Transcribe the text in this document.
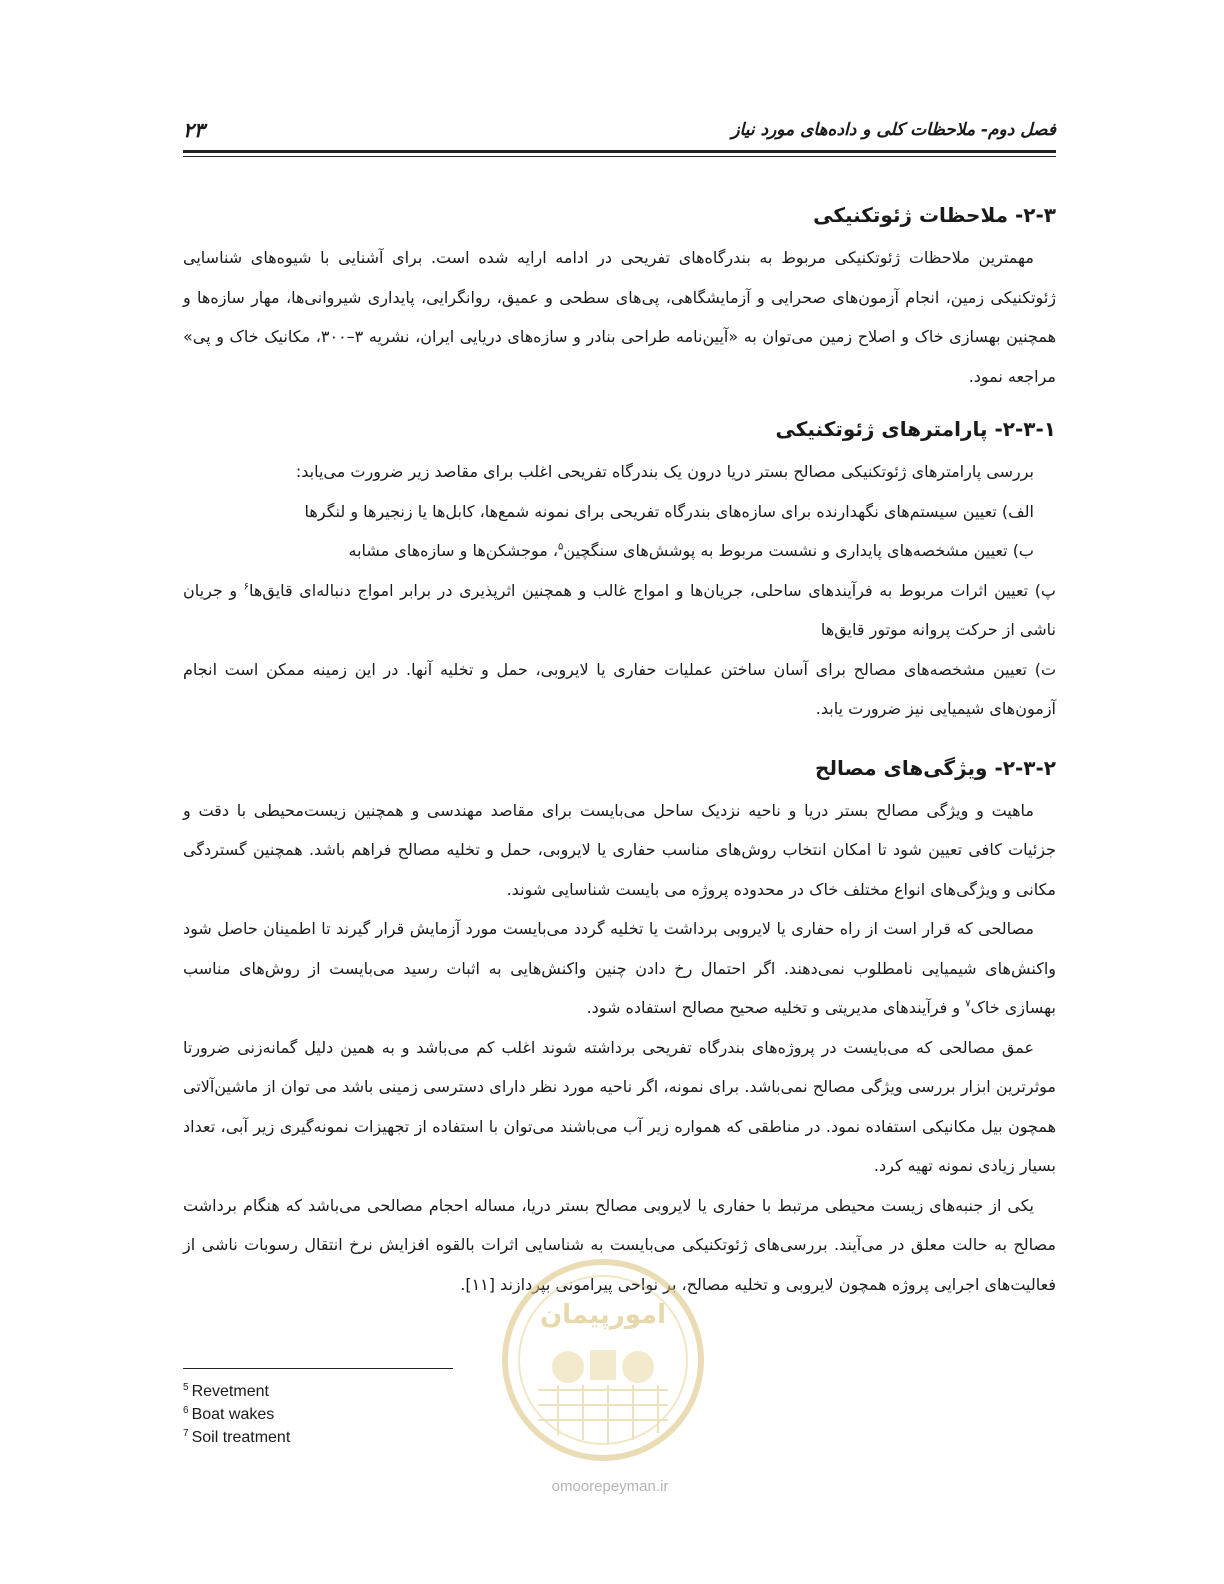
فصل دوم- ملاحظات کلی و داده‌های مورد نیاز
۲۳
۲-۳- ملاحظات ژئوتکنیکی

مهمترین ملاحظات ژئوتکنیکی مربوط به بندرگاه‌های تفریحی در ادامه ارایه شده است. برای آشنایی با شیوه‌های شناسایی ژئوتکنیکی زمین، انجام آزمون‌های صحرایی و آزمایشگاهی، پی‌های سطحی و عمیق، روانگرایی، پایداری شیروانی‌ها، مهار سازه‌ها و همچنین بهسازی خاک و اصلاح زمین می‌توان به «آیین‌نامه طراحی بنادر و سازه‌های دریایی ایران، نشریه ۳–۳۰۰، مکانیک خاک و پی» مراجعه نمود.

۲-۳-۱- پارامترهای ژئوتکنیکی

بررسی پارامترهای ژئوتکنیکی مصالح بستر دریا درون یک بندرگاه تفریحی اغلب برای مقاصد زیر ضرورت می‌یابد:

الف) تعیین سیستم‌های نگهدارنده برای سازه‌های بندرگاه تفریحی برای نمونه شمع‌ها، کابل‌ها یا زنجیرها و لنگرها

ب) تعیین مشخصه‌های پایداری و نشست مربوط به پوشش‌های سنگچین$^۵$، موجشکن‌ها و سازه‌های مشابه

پ) تعیین اثرات مربوط به فرآیندهای ساحلی، جریان‌ها و امواج غالب و همچنین اثرپذیری در برابر امواج دنباله‌ای قایق‌ها$^۶$ و جریان ناشی از حرکت پروانه موتور قایق‌ها

ت) تعیین مشخصه‌های مصالح برای آسان ساختن عملیات حفاری یا لایروبی، حمل و تخلیه آنها. در این زمینه ممکن است انجام آزمون‌های شیمیایی نیز ضرورت یابد.

۲-۳-۲- ویژگی‌های مصالح

ماهیت و ویژگی مصالح بستر دریا و ناحیه نزدیک ساحل می‌بایست برای مقاصد مهندسی و همچنین زیست‌محیطی با دقت و جزئیات کافی تعیین شود تا امکان انتخاب روش‌های مناسب حفاری یا لایروبی، حمل و تخلیه مصالح فراهم باشد. همچنین گستردگی مکانی و ویژگی‌های انواع مختلف خاک در محدوده پروژه می بایست شناسایی شوند.

مصالحی که قرار است از راه حفاری یا لایروبی برداشت یا تخلیه گردد می‌بایست مورد آزمایش قرار گیرند تا اطمینان حاصل شود واکنش‌های شیمیایی نامطلوب نمی‌دهند. اگر احتمال رخ دادن چنین واکنش‌هایی به اثبات رسید می‌بایست از روش‌های مناسب بهسازی خاک$^۷$ و فرآیندهای مدیریتی و تخلیه صحیح مصالح استفاده شود.

عمق مصالحی که می‌بایست در پروژه‌های بندرگاه تفریحی برداشته شوند اغلب کم می‌باشد و به همین دلیل گمانه‌زنی ضرورتا موثرترین ابزار بررسی ویژگی مصالح نمی‌باشد. برای نمونه، اگر ناحیه مورد نظر دارای دسترسی زمینی باشد می توان از ماشین‌آلاتی همچون بیل مکانیکی استفاده نمود. در مناطقی که همواره زیر آب می‌باشند می‌توان با استفاده از تجهیزات نمونه‌گیری زیر آبی، تعداد بسیار زیادی نمونه تهیه کرد.

یکی از جنبه‌های زیست محیطی مرتبط با حفاری یا لایروبی مصالح بستر دریا، مساله احجام مصالحی می‌باشد که هنگام برداشت مصالح به حالت معلق در می‌آیند. بررسی‌های ژئوتکنیکی می‌بایست به شناسایی اثرات بالقوه افزایش نرخ انتقال رسوبات ناشی از فعالیت‌های اجرایی پروژه همچون لایروبی و تخلیه مصالح، بر نواحی پیرامونی بپردازند [۱۱].

امورپیمان
omoorepeyman.ir
$^5$ Revetment
$^6$ Boat wakes
$^7$ Soil treatment
